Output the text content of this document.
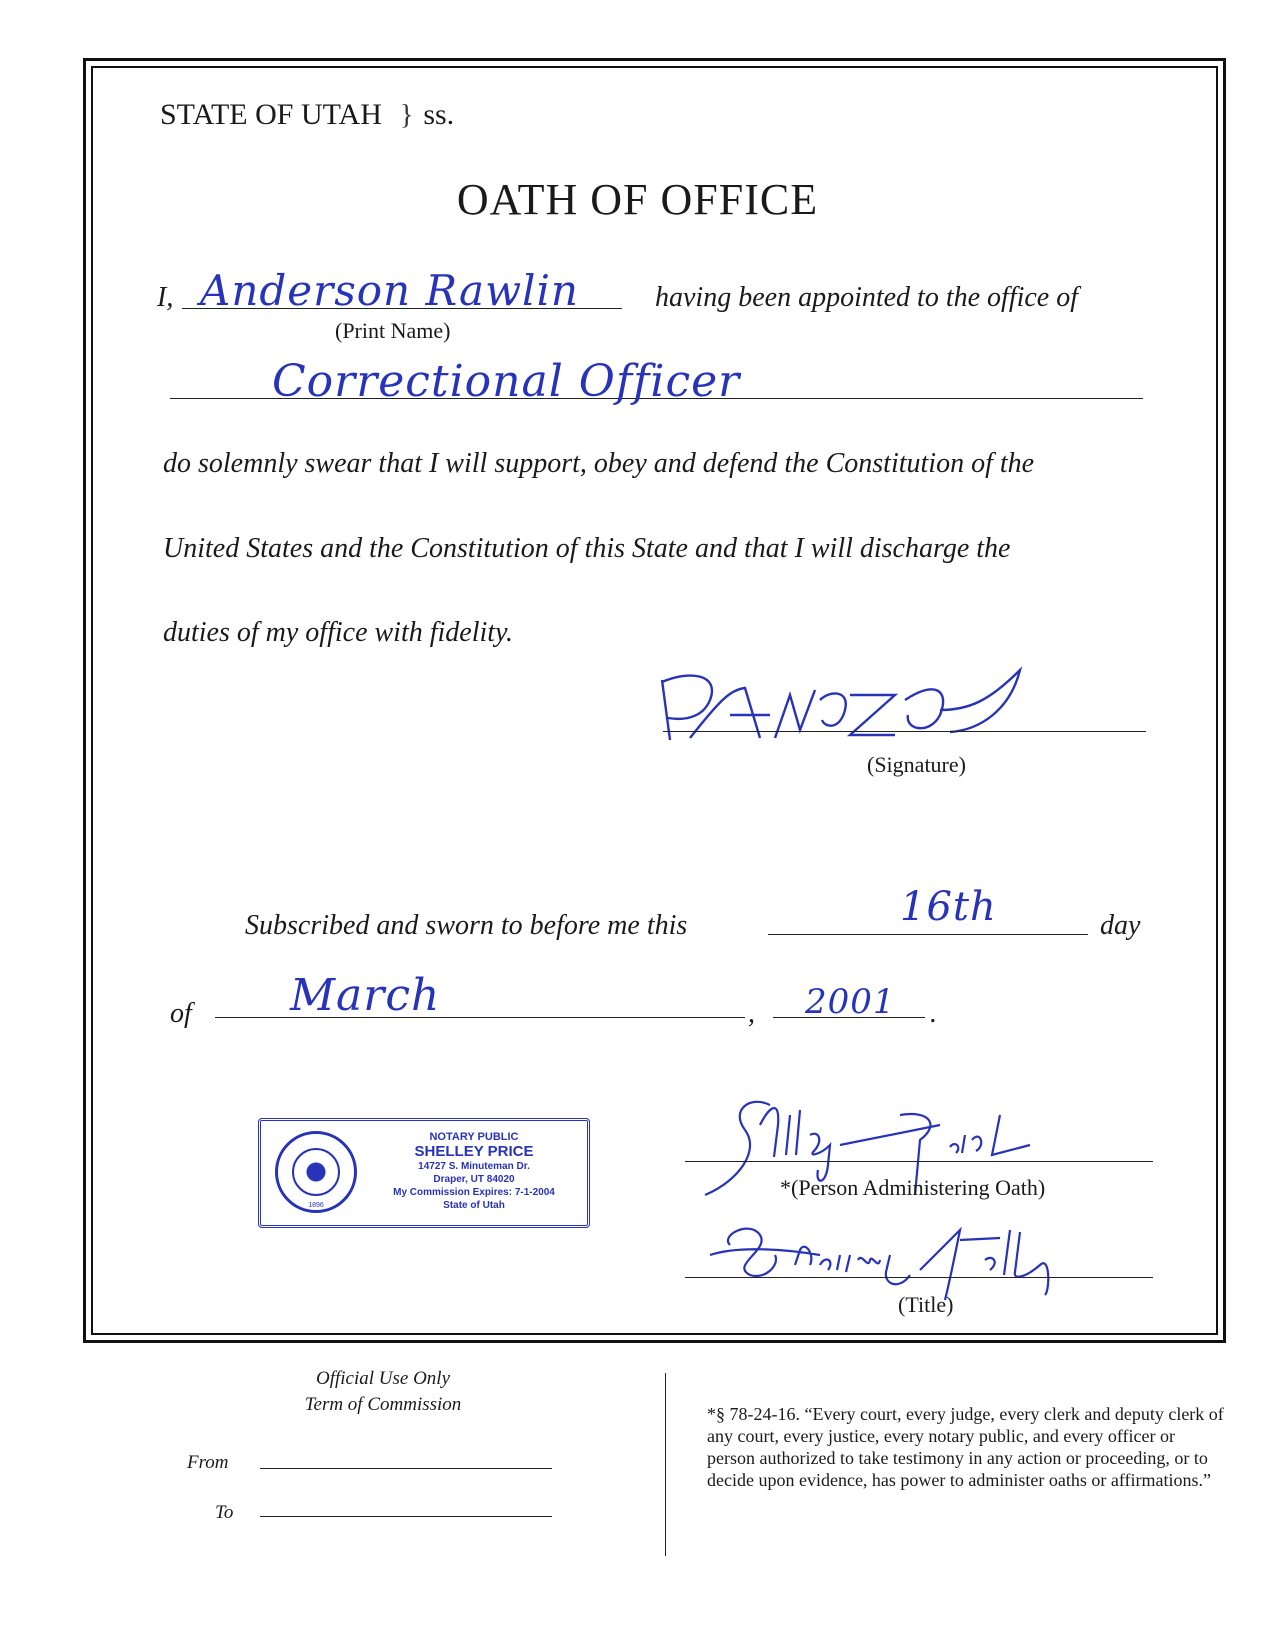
STATE OF UTAH } ss.
OATH OF OFFICE
I, Anderson Rawlin
(Print Name)
having been appointed to the office of
Correctional Officer
do solemnly swear that I will support, obey and defend the Constitution of the
United States and the Constitution of this State and that I will discharge the
duties of my office with fidelity.
(Signature)
Subscribed and sworn to before me this	16th	day
of March	, 2001 .
1896
NOTARY PUBLIC
SHELLEY PRICE
14727 S. Minuteman Dr.
Draper, UT 84020
My Commission Expires: 7-1-2004
State of Utah
*(Person Administering Oath)
(Title)
Official Use Only
Term of Commission
From
To
*§ 78-24-16. “Every court, every judge, every clerk and deputy clerk of any court, every justice, every notary public, and every officer or person authorized to take testimony in any action or proceeding, or to decide upon evidence, has power to administer oaths or affirmations.”
